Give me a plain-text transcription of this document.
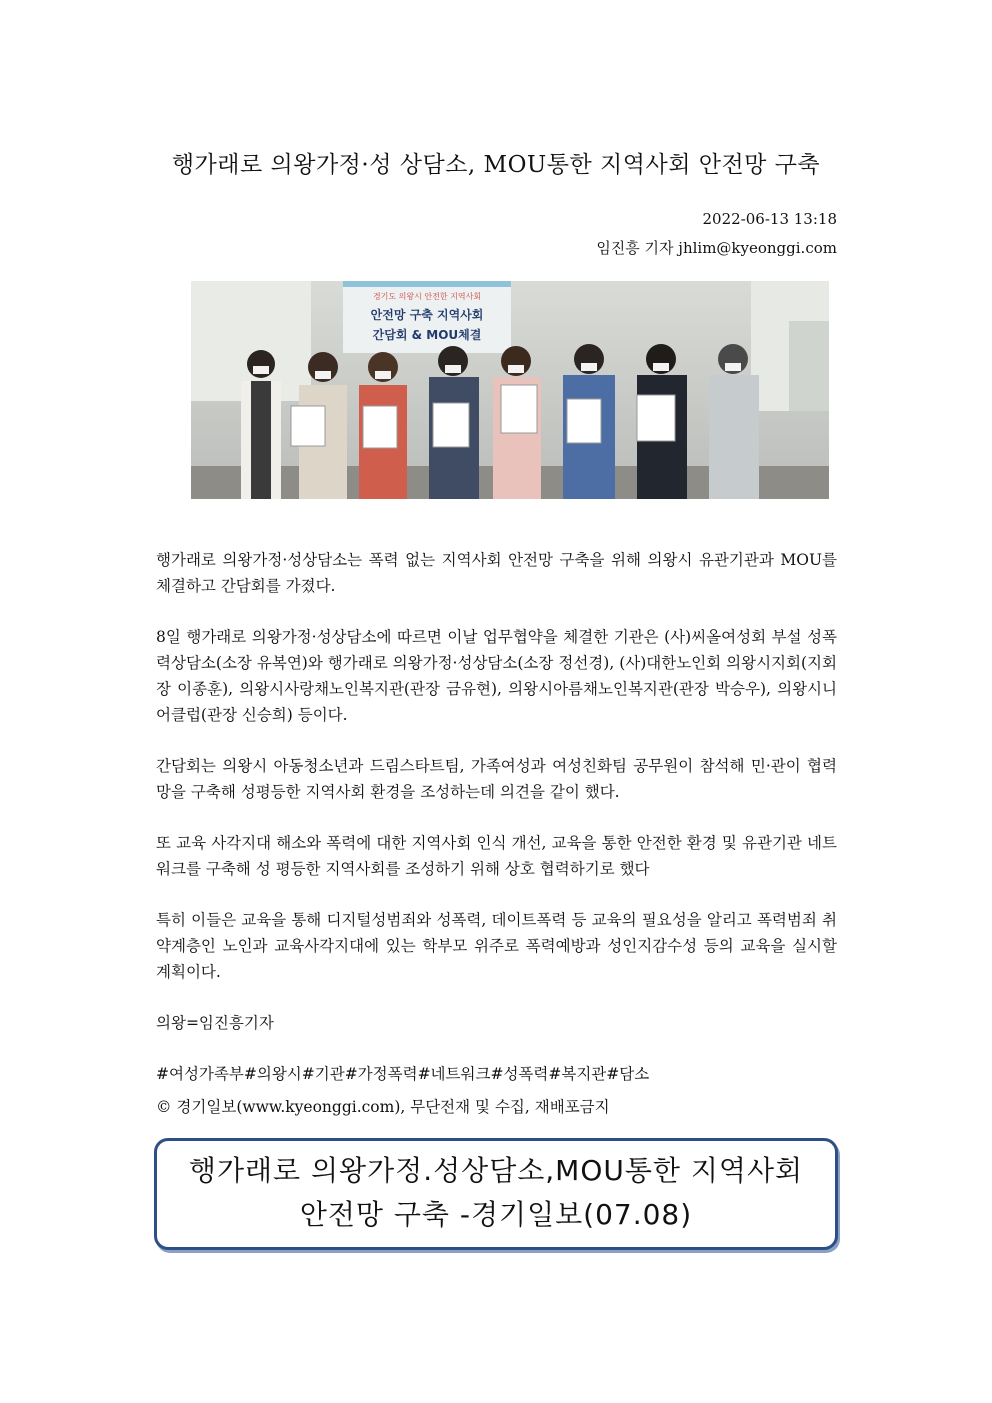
행가래로 의왕가정·성 상담소, MOU통한 지역사회 안전망 구축
2022-06-13 13:18
임진흥 기자 jhlim@kyeonggi.com
경기도 의왕시 안전한 지역사회
안전망 구축 지역사회
간담회 & MOU체결

행가래로 의왕가정·성상담소는 폭력 없는 지역사회 안전망 구축을 위해 의왕시 유관기관과 MOU를 체결하고 간담회를 가졌다.

8일 행가래로 의왕가정·성상담소에 따르면 이날 업무협약을 체결한 기관은 (사)씨올여성회 부설 성폭력상담소(소장 유복연)와 행가래로 의왕가정·성상담소(소장 정선경), (사)대한노인회 의왕시지회(지회장 이종훈), 의왕시사랑채노인복지관(관장 금유현), 의왕시아름채노인복지관(관장 박승우), 의왕시니어클럽(관장 신승희) 등이다.

간담회는 의왕시 아동청소년과 드림스타트팀, 가족여성과 여성친화팀 공무원이 참석해 민·관이 협력망을 구축해 성평등한 지역사회 환경을 조성하는데 의견을 같이 했다.

또 교육 사각지대 해소와 폭력에 대한 지역사회 인식 개선, 교육을 통한 안전한 환경 및 유관기관 네트워크를 구축해 성 평등한 지역사회를 조성하기 위해 상호 협력하기로 했다

특히 이들은 교육을 통해 디지털성범죄와 성폭력, 데이트폭력 등 교육의 필요성을 알리고 폭력범죄 취약계층인 노인과 교육사각지대에 있는 학부모 위주로 폭력예방과 성인지감수성 등의 교육을 실시할 계획이다.

의왕=임진흥기자

#여성가족부#의왕시#기관#가정폭력#네트워크#성폭력#복지관#담소

© 경기일보(www.kyeonggi.com), 무단전재 및 수집, 재배포금지

행가래로 의왕가정.성상담소,MOU통한 지역사회
안전망 구축 -경기일보(07.08)
